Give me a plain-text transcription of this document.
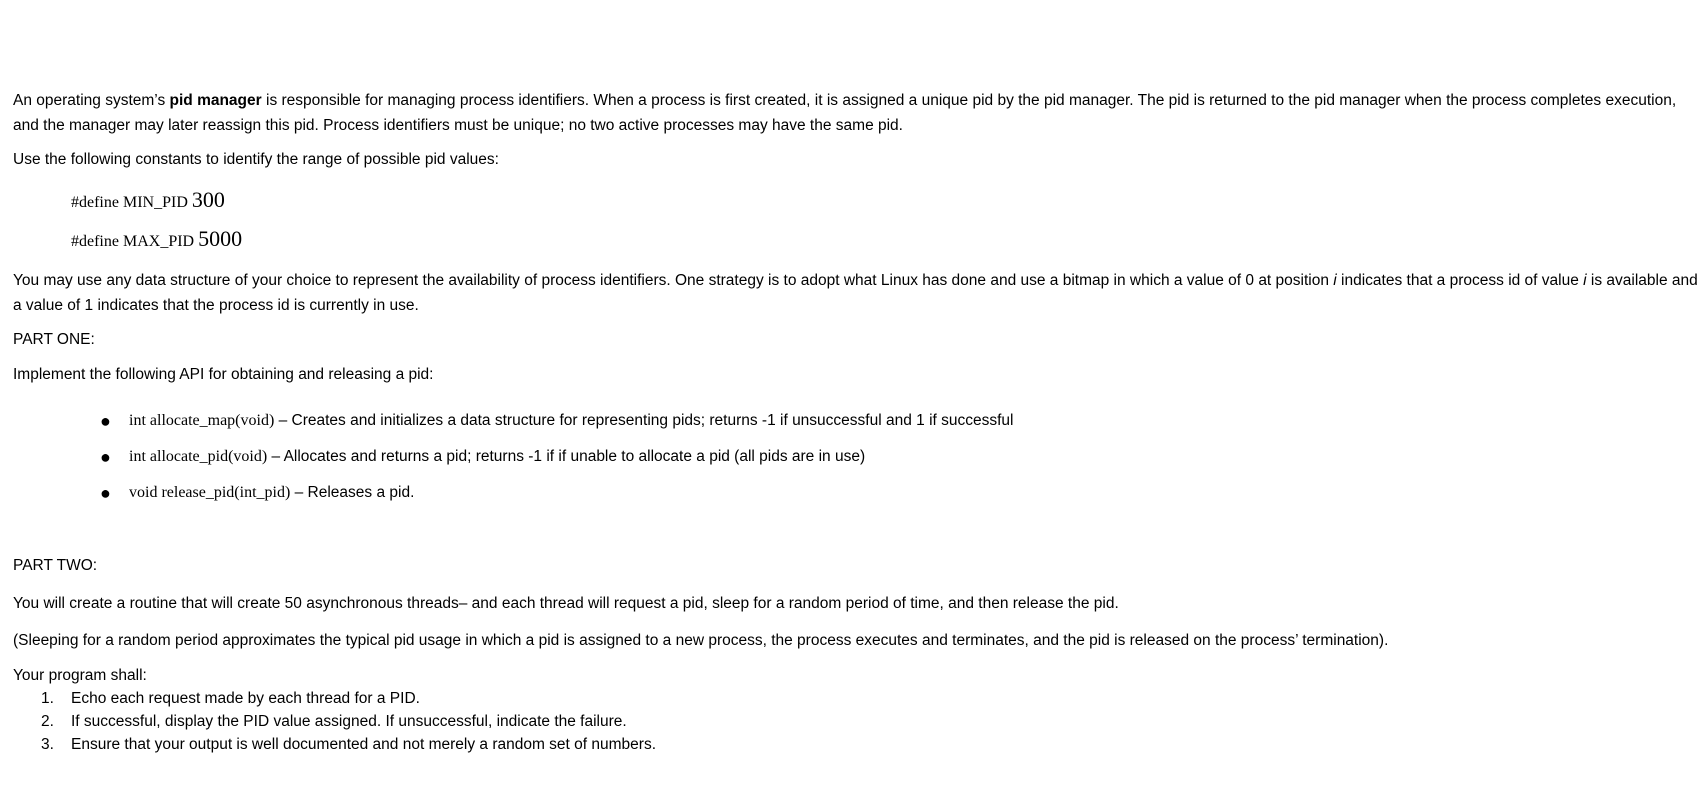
An operating system’s pid manager is responsible for managing process identifiers. When a process is first created, it is assigned a unique pid by the pid manager. The pid is returned to the pid manager when the process completes execution, and the manager may later reassign this pid. Process identifiers must be unique; no two active processes may have the same pid.

Use the following constants to identify the range of possible pid values:

#define MIN_PID 300
#define MAX_PID 5000

You may use any data structure of your choice to represent the availability of process identifiers. One strategy is to adopt what Linux has done and use a bitmap in which a value of 0 at position i indicates that a process id of value i is available and a value of 1 indicates that the process id is currently in use.

PART ONE:

Implement the following API for obtaining and releasing a pid:

● int allocate_map(void) – Creates and initializes a data structure for representing pids; returns -1 if unsuccessful and 1 if successful
● int allocate_pid(void) – Allocates and returns a pid; returns -1 if if unable to allocate a pid (all pids are in use)
● void release_pid(int_pid) – Releases a pid.

PART TWO:

You will create a routine that will create 50 asynchronous threads– and each thread will request a pid, sleep for a random period of time, and then release the pid.

(Sleeping for a random period approximates the typical pid usage in which a pid is assigned to a new process, the process executes and terminates, and the pid is released on the process’ termination).

Your program shall:

1. Echo each request made by each thread for a PID.
2. If successful, display the PID value assigned. If unsuccessful, indicate the failure.
3. Ensure that your output is well documented and not merely a random set of numbers.
